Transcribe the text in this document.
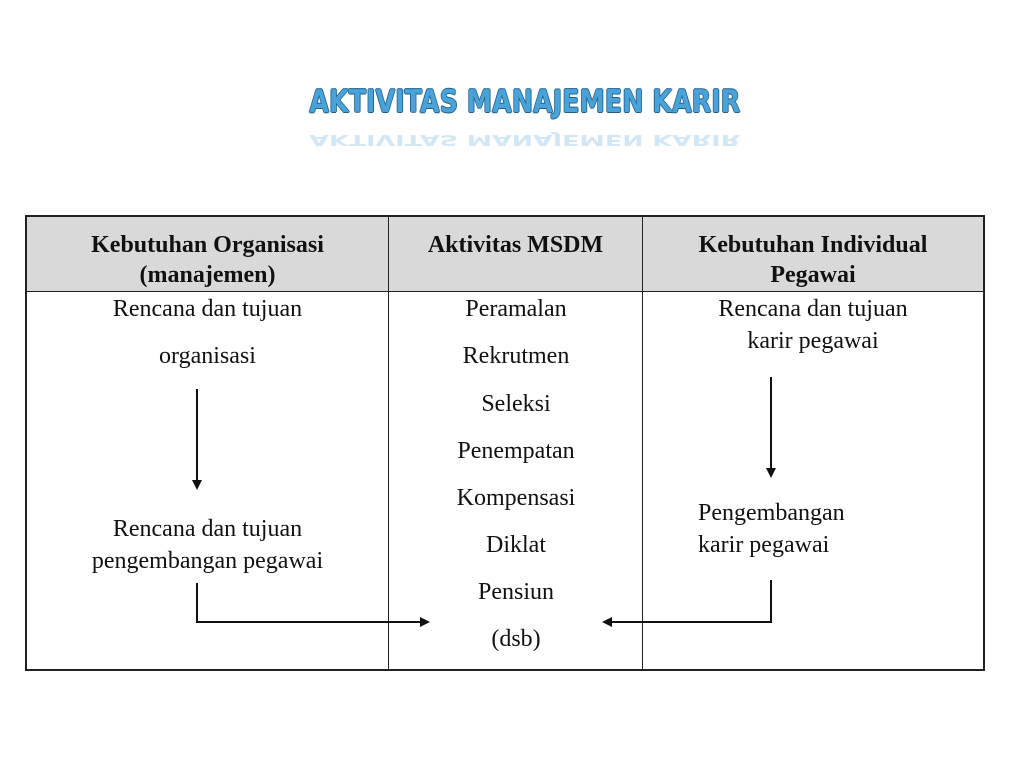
AKTIVITAS MANAJEMEN KARIR
AKTIVITAS MANAJEMEN KARIR
Kebutuhan Organisasi
(manajemen)
Aktivitas MSDM	Kebutuhan Individual
Pegawai
Rencana dan tujuan
organisasi
Rencana dan tujuan
pengembangan pegawai
Peramalan
Rekrutmen
Seleksi
Penempatan
Kompensasi
Diklat
Pensiun
(dsb)
Rencana dan tujuan
karir pegawai
Pengembangan
karir pegawai
